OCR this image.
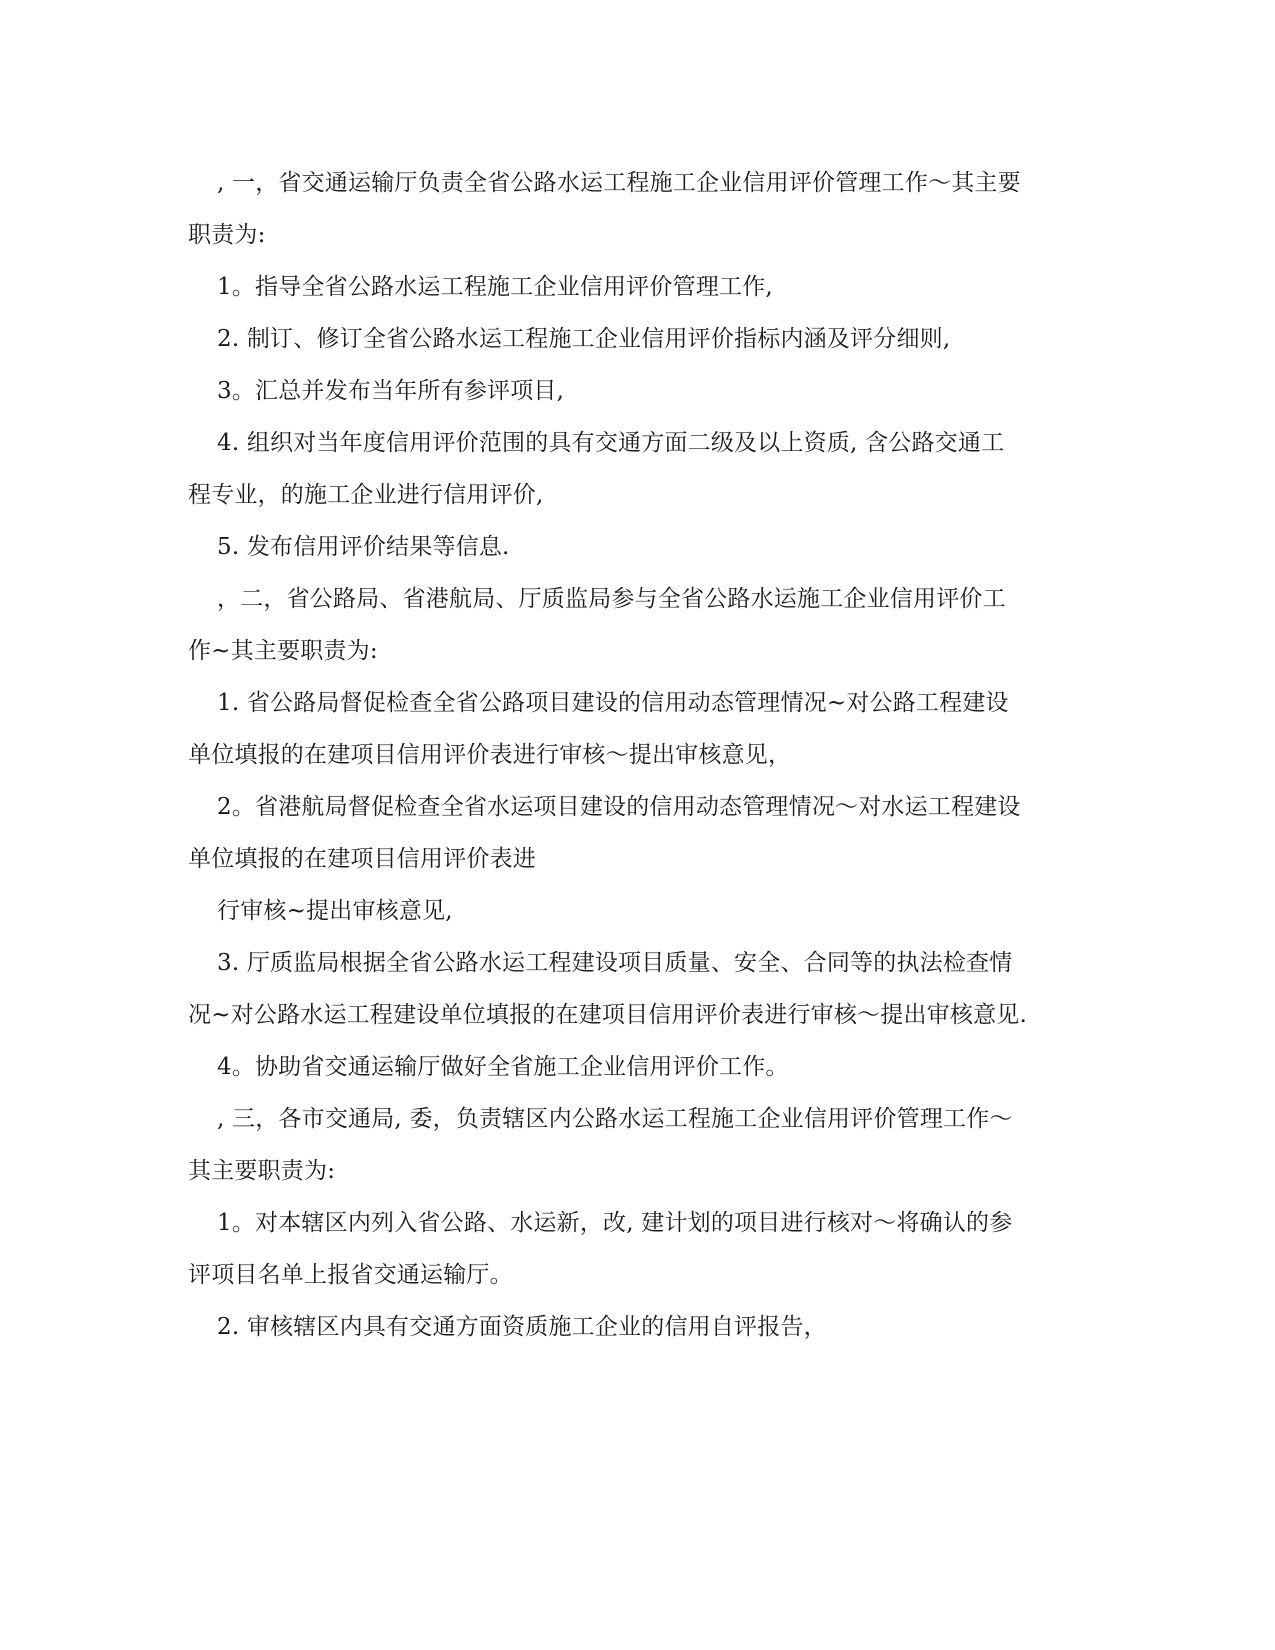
, 一，省交通运输厅负责全省公路水运工程施工企业信用评价管理工作～其主要
职责为:
1。指导全省公路水运工程施工企业信用评价管理工作,
2. 制订、修订全省公路水运工程施工企业信用评价指标内涵及评分细则,
3。汇总并发布当年所有参评项目,
4. 组织对当年度信用评价范围的具有交通方面二级及以上资质, 含公路交通工
程专业，的施工企业进行信用评价,
5. 发布信用评价结果等信息.
，二，省公路局、省港航局、厅质监局参与全省公路水运施工企业信用评价工
作~其主要职责为:
1. 省公路局督促检查全省公路项目建设的信用动态管理情况~对公路工程建设
单位填报的在建项目信用评价表进行审核～提出审核意见，
2。省港航局督促检查全省水运项目建设的信用动态管理情况～对水运工程建设
单位填报的在建项目信用评价表进
行审核~提出审核意见,
3. 厅质监局根据全省公路水运工程建设项目质量、安全、合同等的执法检查情
况~对公路水运工程建设单位填报的在建项目信用评价表进行审核～提出审核意见.
4。协助省交通运输厅做好全省施工企业信用评价工作。
, 三，各市交通局, 委，负责辖区内公路水运工程施工企业信用评价管理工作～
其主要职责为:
1。对本辖区内列入省公路、水运新，改, 建计划的项目进行核对～将确认的参
评项目名单上报省交通运输厅。
2. 审核辖区内具有交通方面资质施工企业的信用自评报告，
